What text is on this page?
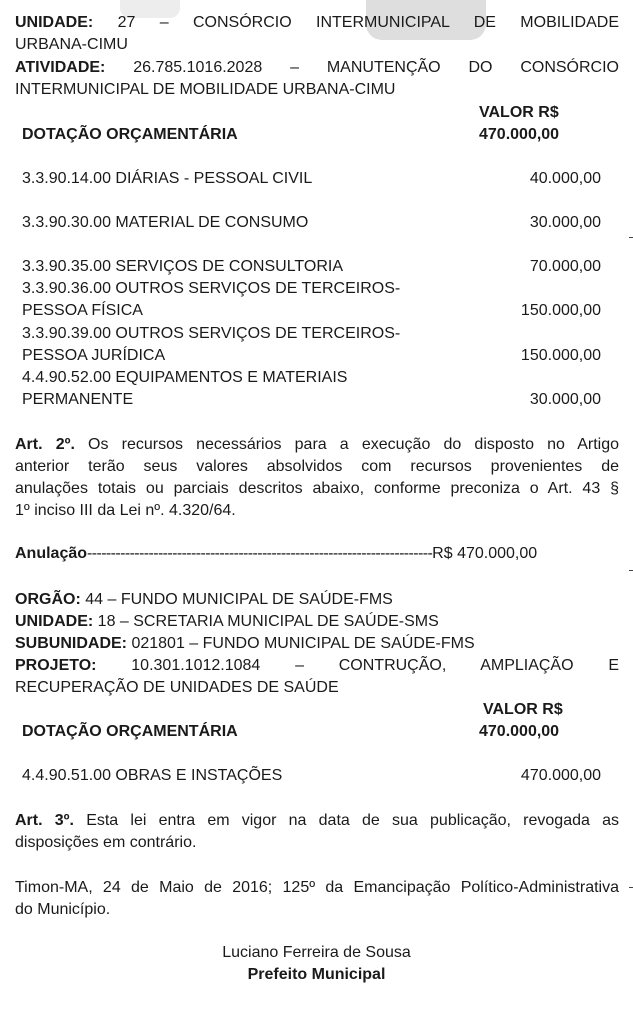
UNIDADE: 27 – CONSÓRCIO INTERMUNICIPAL DE MOBILIDADE
URBANA-CIMU
ATIVIDADE: 26.785.1016.2028 – MANUTENÇÃO DO CONSÓRCIO
INTERMUNICIPAL DE MOBILIDADE URBANA-CIMU
VALOR R$
DOTAÇÃO ORÇAMENTÁRIA	470.000,00
3.3.90.14.00 DIÁRIAS - PESSOAL CIVIL	40.000,00
3.3.90.30.00 MATERIAL DE CONSUMO	30.000,00
3.3.90.35.00 SERVIÇOS DE CONSULTORIA	70.000,00
3.3.90.36.00 OUTROS SERVIÇOS DE TERCEIROS-
PESSOA FÍSICA	150.000,00
3.3.90.39.00 OUTROS SERVIÇOS DE TERCEIROS-
PESSOA JURÍDICA	150.000,00
4.4.90.52.00 EQUIPAMENTOS E MATERIAIS
PERMANENTE	30.000,00
Art. 2º. Os recursos necessários para a execução do disposto no Artigo
anterior terão seus valores absolvidos com recursos provenientes de
anulações totais ou parciais descritos abaixo, conforme preconiza o Art. 43 §
1º inciso III da Lei nº. 4.320/64.
Anulação-------------------------------------------------------------------------R$ 470.000,00
ORGÃO: 44 – FUNDO MUNICIPAL DE SAÚDE-FMS
UNIDADE: 18 – SCRETARIA MUNICIPAL DE SAÚDE-SMS
SUBUNIDADE: 021801 – FUNDO MUNICIPAL DE SAÚDE-FMS
PROJETO: 10.301.1012.1084 – CONTRUÇÃO, AMPLIAÇÃO E
RECUPERAÇÃO DE UNIDADES DE SAÚDE
VALOR R$
DOTAÇÃO ORÇAMENTÁRIA	470.000,00
4.4.90.51.00 OBRAS E INSTAÇÕES	470.000,00
Art. 3º. Esta lei entra em vigor na data de sua publicação, revogada as
disposições em contrário.
Timon-MA, 24 de Maio de 2016; 125º da Emancipação Político-Administrativa
do Município.
Luciano Ferreira de Sousa
Prefeito Municipal
